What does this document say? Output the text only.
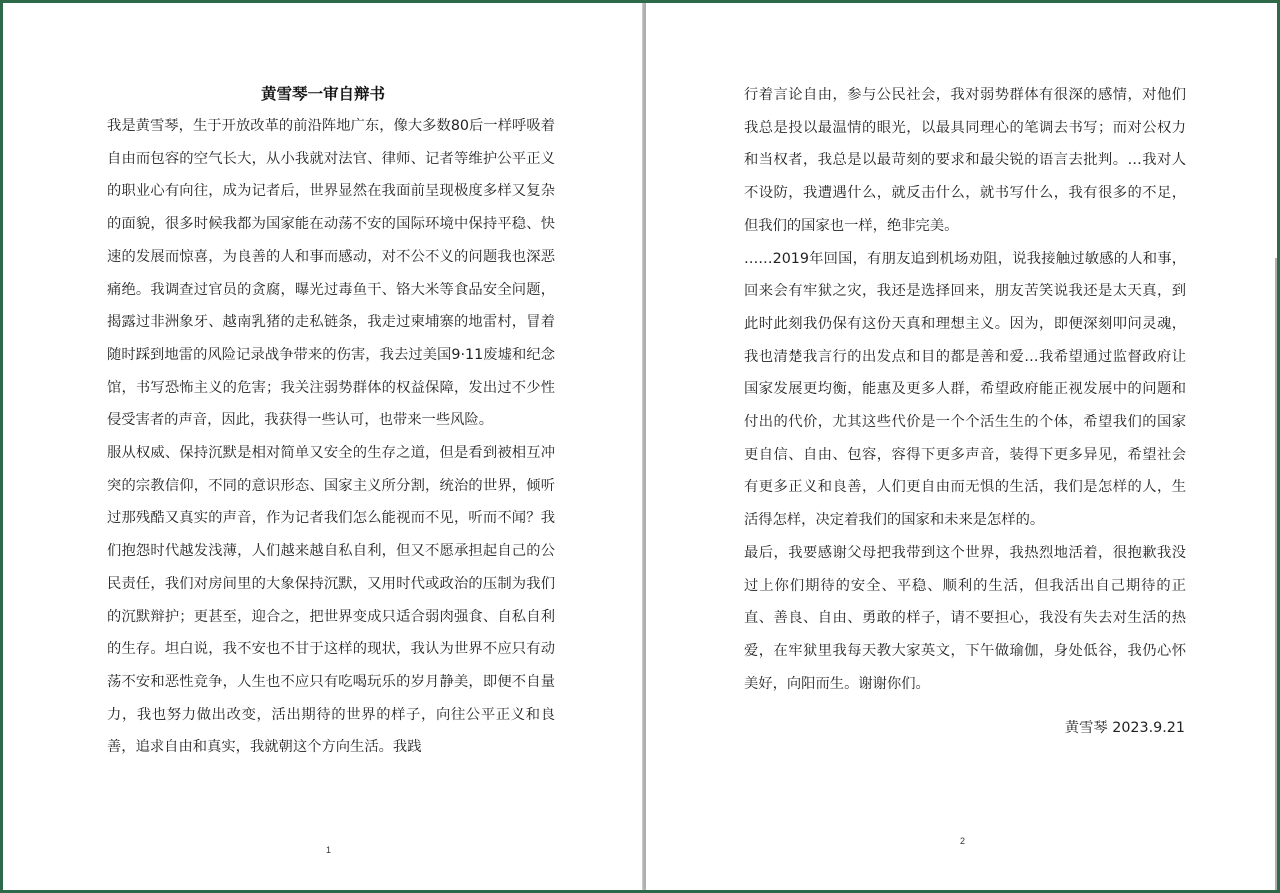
黄雪琴一审自辩书

我是黄雪琴，生于开放改革的前沿阵地广东，像大多数80后一样呼吸着自由而包容的空气长大，从小我就对法官、律师、记者等维护公平正义的职业心有向往，成为记者后，世界显然在我面前呈现极度多样又复杂的面貌，很多时候我都为国家能在动荡不安的国际环境中保持平稳、快速的发展而惊喜，为良善的人和事而感动，对不公不义的问题我也深恶痛绝。我调查过官员的贪腐，曝光过毒鱼干、铬大米等食品安全问题，揭露过非洲象牙、越南乳猪的走私链条，我走过柬埔寨的地雷村，冒着随时踩到地雷的风险记录战争带来的伤害，我去过美国9·11废墟和纪念馆，书写恐怖主义的危害；我关注弱势群体的权益保障，发出过不少性侵受害者的声音，因此，我获得一些认可，也带来一些风险。

服从权威、保持沉默是相对简单又安全的生存之道，但是看到被相互冲突的宗教信仰，不同的意识形态、国家主义所分割，统治的世界，倾听过那残酷又真实的声音，作为记者我们怎么能视而不见，听而不闻？我们抱怨时代越发浅薄，人们越来越自私自利，但又不愿承担起自己的公民责任，我们对房间里的大象保持沉默，又用时代或政治的压制为我们的沉默辩护；更甚至，迎合之，把世界变成只适合弱肉强食、自私自利的生存。坦白说，我不安也不甘于这样的现状，我认为世界不应只有动荡不安和恶性竞争，人生也不应只有吃喝玩乐的岁月静美，即便不自量力，我也努力做出改变，活出期待的世界的样子，向往公平正义和良善，追求自由和真实，我就朝这个方向生活。我践

1

行着言论自由，参与公民社会，我对弱势群体有很深的感情，对他们我总是投以最温情的眼光，以最具同理心的笔调去书写；而对公权力和当权者，我总是以最苛刻的要求和最尖锐的语言去批判。…我对人不设防，我遭遇什么，就反击什么，就书写什么，我有很多的不足，但我们的国家也一样，绝非完美。

……2019年回国，有朋友追到机场劝阻，说我接触过敏感的人和事，回来会有牢狱之灾，我还是选择回来，朋友苦笑说我还是太天真，到此时此刻我仍保有这份天真和理想主义。因为，即便深刻叩问灵魂，我也清楚我言行的出发点和目的都是善和爱…我希望通过监督政府让国家发展更均衡，能惠及更多人群，希望政府能正视发展中的问题和付出的代价，尤其这些代价是一个个活生生的个体，希望我们的国家更自信、自由、包容，容得下更多声音，装得下更多异见，希望社会有更多正义和良善，人们更自由而无惧的生活，我们是怎样的人，生活得怎样，决定着我们的国家和未来是怎样的。

最后，我要感谢父母把我带到这个世界，我热烈地活着，很抱歉我没过上你们期待的安全、平稳、顺利的生活，但我活出自己期待的正直、善良、自由、勇敢的样子，请不要担心，我没有失去对生活的热爱，在牢狱里我每天教大家英文，下午做瑜伽，身处低谷，我仍心怀美好，向阳而生。谢谢你们。

黄雪琴 2023.9.21
2
